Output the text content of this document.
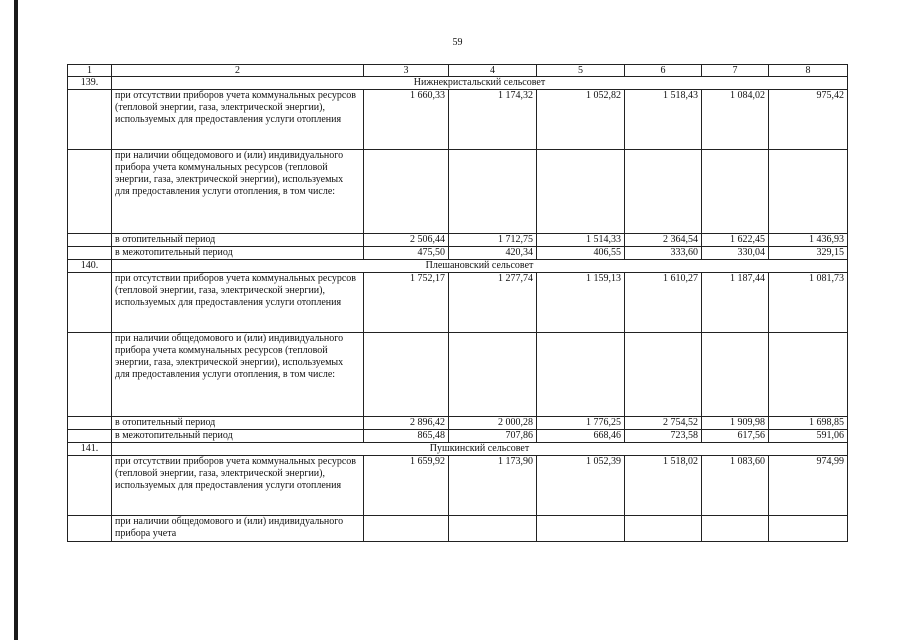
59
1	2	3	4	5	6	7	8
139.	Нижнекристальский сельсовет						
	при отсутствии приборов учета коммунальных ресурсов (тепловой энергии, газа, электрической энергии), используемых для предоставления услуги отопления	1 660,33	1 174,32	1 052,82	1 518,43	1 084,02	975,42
	при наличии общедомового и (или) индивидуального прибора учета коммунальных ресурсов (тепловой энергии, газа, электрической энергии), используемых для предоставления услуги отопления, в том числе:						
	в отопительный период	2 506,44	1 712,75	1 514,33	2 364,54	1 622,45	1 436,93
	в межотопительный период	475,50	420,34	406,55	333,60	330,04	329,15
140.	Плешановский сельсовет						
	при отсутствии приборов учета коммунальных ресурсов (тепловой энергии, газа, электрической энергии), используемых для предоставления услуги отопления	1 752,17	1 277,74	1 159,13	1 610,27	1 187,44	1 081,73
	при наличии общедомового и (или) индивидуального прибора учета коммунальных ресурсов (тепловой энергии, газа, электрической энергии), используемых для предоставления услуги отопления, в том числе:						
	в отопительный период	2 896,42	2 000,28	1 776,25	2 754,52	1 909,98	1 698,85
	в межотопительный период	865,48	707,86	668,46	723,58	617,56	591,06
141.	Пушкинский сельсовет						
	при отсутствии приборов учета коммунальных ресурсов (тепловой энергии, газа, электрической энергии), используемых для предоставления услуги отопления	1 659,92	1 173,90	1 052,39	1 518,02	1 083,60	974,99
	при наличии общедомового и (или) индивидуального прибора учета						
